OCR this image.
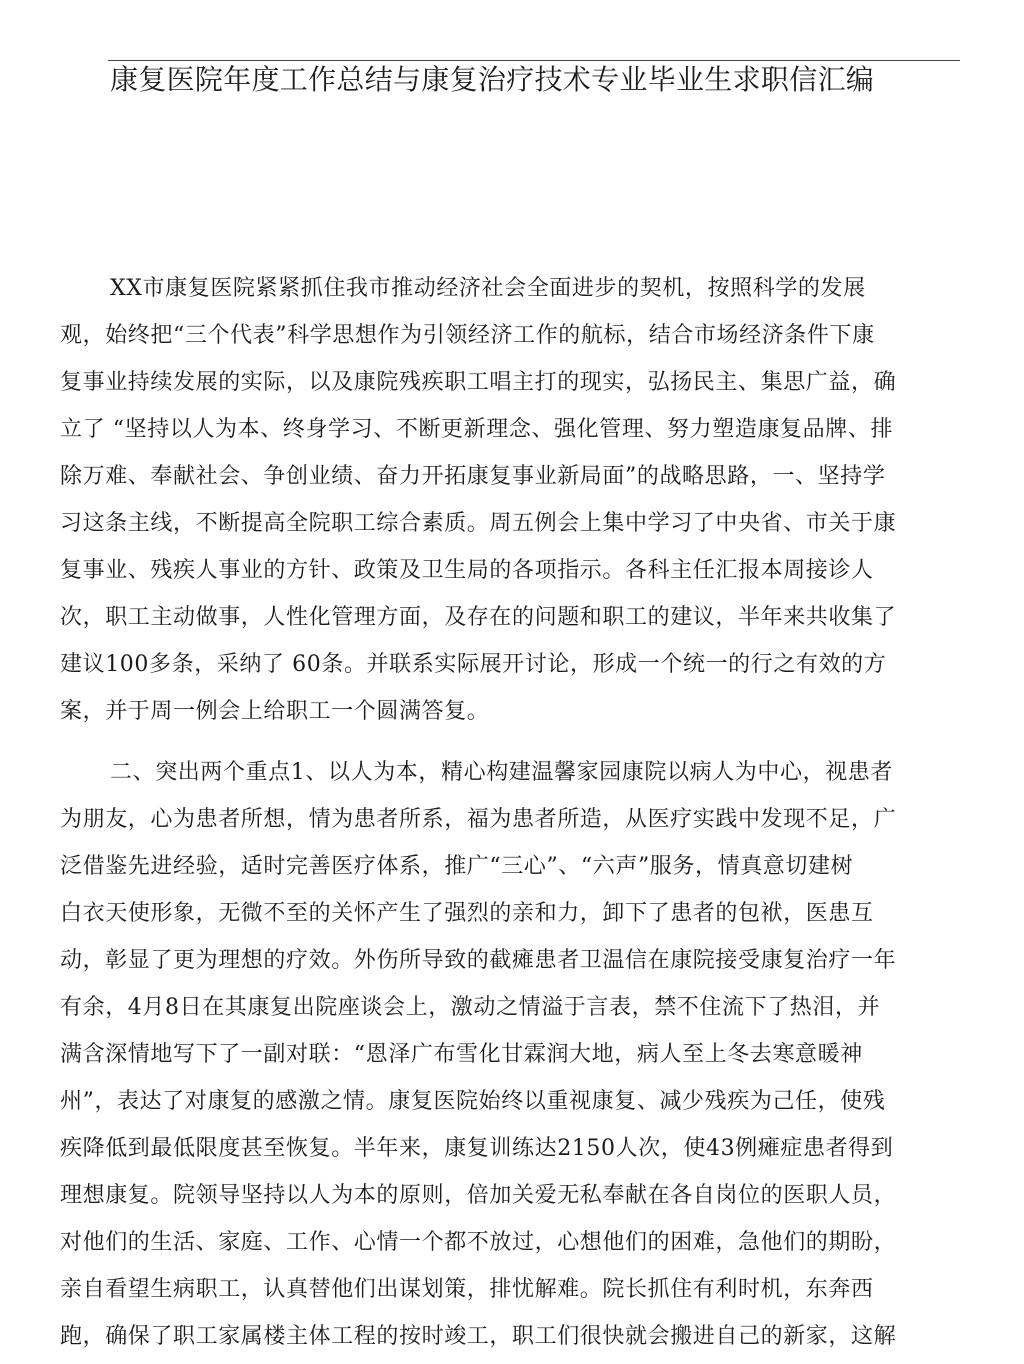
康复医院年度工作总结与康复治疗技术专业毕业生求职信汇编
XX市康复医院紧紧抓住我市推动经济社会全面进步的契机，按照科学的发展
观，始终把“三个代表”科学思想作为引领经济工作的航标，结合市场经济条件下康
复事业持续发展的实际，以及康院残疾职工唱主打的现实，弘扬民主、集思广益，确
立了 “坚持以人为本、终身学习、不断更新理念、强化管理、努力塑造康复品牌、排
除万难、奉献社会、争创业绩、奋力开拓康复事业新局面”的战略思路，一、坚持学
习这条主线，不断提高全院职工综合素质。周五例会上集中学习了中央省、市关于康
复事业、残疾人事业的方针、政策及卫生局的各项指示。各科主任汇报本周接诊人
次，职工主动做事，人性化管理方面，及存在的问题和职工的建议，半年来共收集了
建议100多条，采纳了 60条。并联系实际展开讨论，形成一个统一的行之有效的方
案，并于周一例会上给职工一个圆满答复。
二、突出两个重点1、以人为本，精心构建温馨家园康院以病人为中心，视患者
为朋友，心为患者所想，情为患者所系，福为患者所造，从医疗实践中发现不足，广
泛借鉴先进经验，适时完善医疗体系，推广“三心”、“六声”服务，情真意切建树
白衣天使形象，无微不至的关怀产生了强烈的亲和力，卸下了患者的包袱，医患互
动，彰显了更为理想的疗效。外伤所导致的截瘫患者卫温信在康院接受康复治疗一年
有余，4月8日在其康复出院座谈会上，激动之情溢于言表，禁不住流下了热泪，并
满含深情地写下了一副对联：“恩泽广布雪化甘霖润大地，病人至上冬去寒意暖神
州”，表达了对康复的感激之情。康复医院始终以重视康复、减少残疾为己任，使残
疾降低到最低限度甚至恢复。半年来，康复训练达2150人次，使43例瘫症患者得到
理想康复。院领导坚持以人为本的原则，倍加关爱无私奉献在各自岗位的医职人员，
对他们的生活、家庭、工作、心情一个都不放过，心想他们的困难，急他们的期盼，
亲自看望生病职工，认真替他们出谋划策，排忧解难。院长抓住有利时机，东奔西
跑，确保了职工家属楼主体工程的按时竣工，职工们很快就会搬进自己的新家，这解
